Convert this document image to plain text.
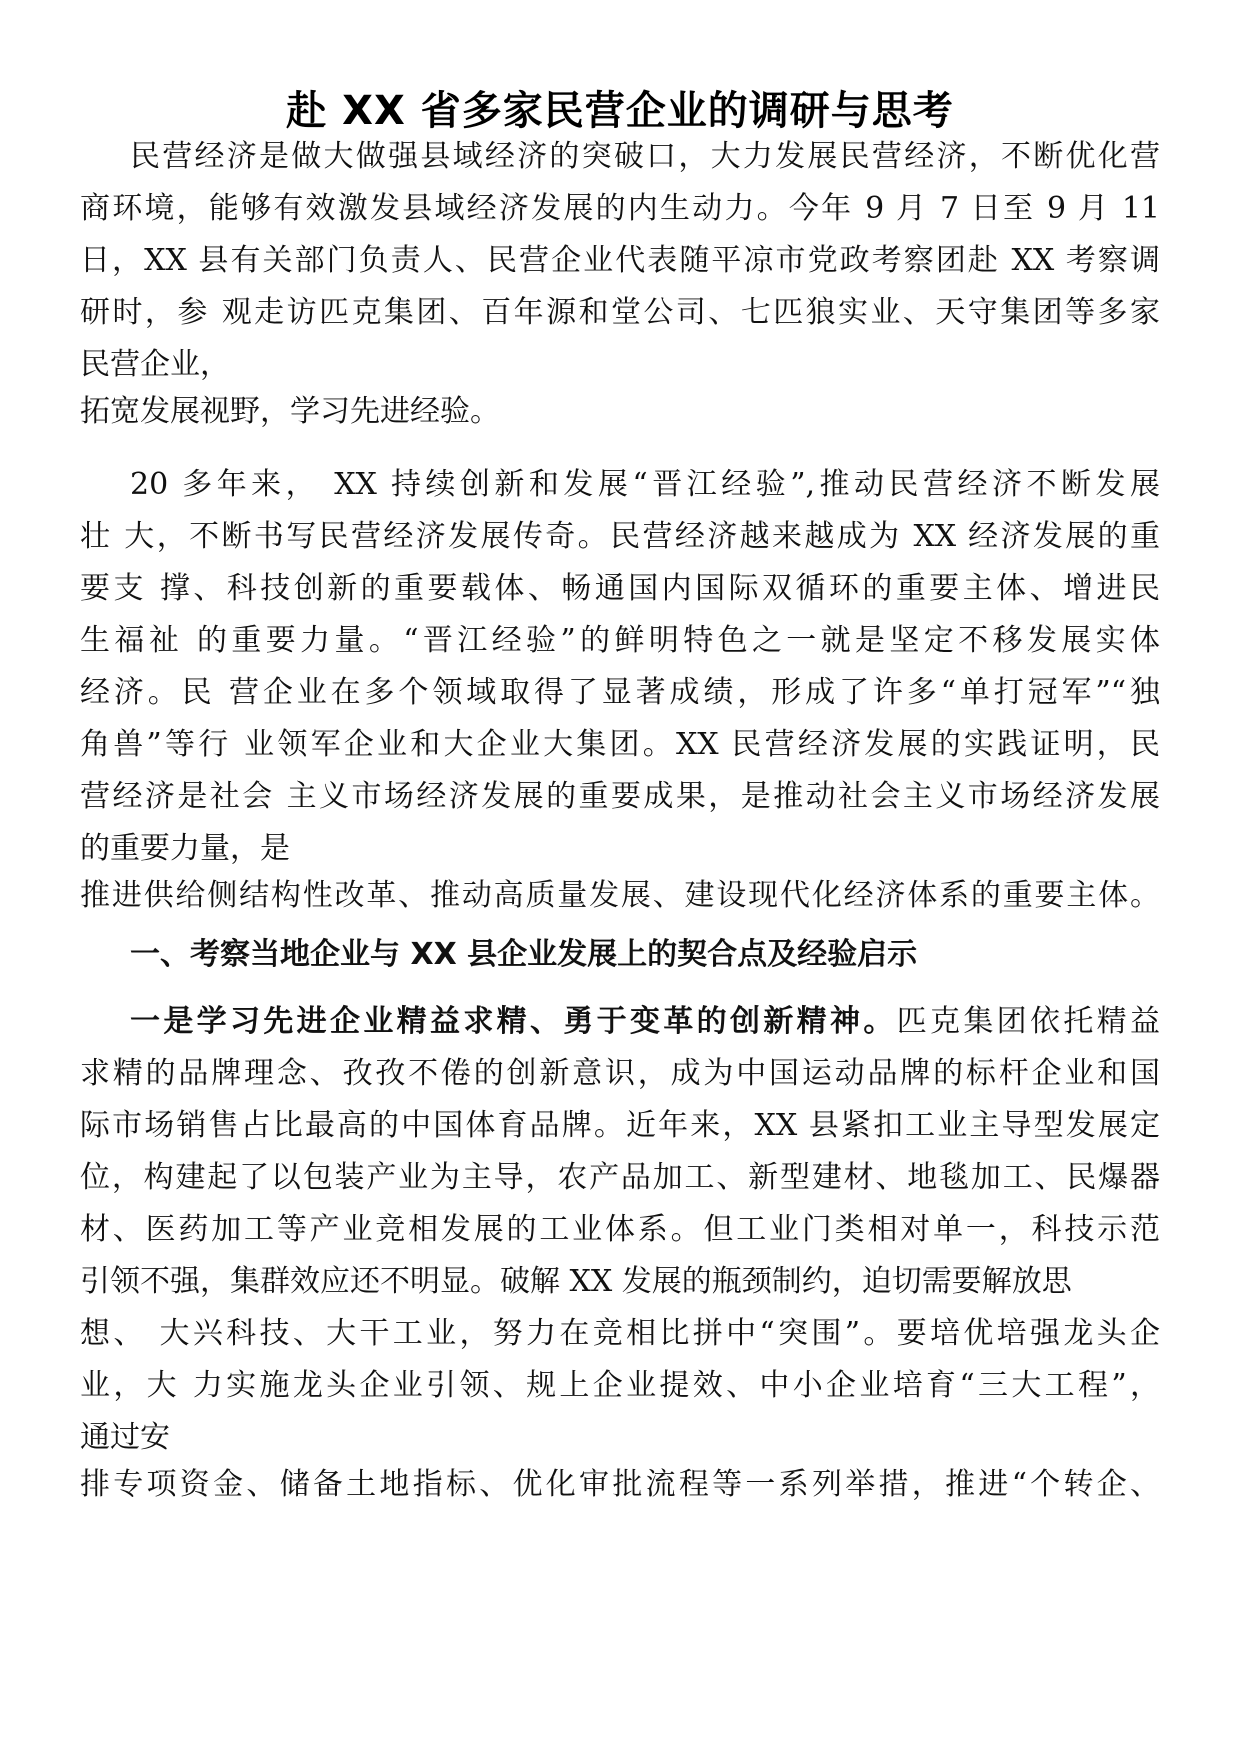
赴 XX 省多家民营企业的调研与思考
民营经济是做大做强县域经济的突破口，大力发展民营经济，不断优化营
商环境，能够有效激发县域经济发展的内生动力。今年 9 月 7 日至 9 月 11
日，XX 县有关部门负责人、民营企业代表随平凉市党政考察团赴 XX 考察调
研时，参 观走访匹克集团、百年源和堂公司、七匹狼实业、天守集团等多家
民营企业，
拓宽发展视野，学习先进经验。
20 多年来， XX 持续创新和发展“晋江经验”,推动民营经济不断发展
壮 大，不断书写民营经济发展传奇。民营经济越来越成为 XX 经济发展的重
要支 撑、科技创新的重要载体、畅通国内国际双循环的重要主体、增进民
生福祉 的重要力量。“晋江经验”的鲜明特色之一就是坚定不移发展实体
经济。民 营企业在多个领域取得了显著成绩，形成了许多“单打冠军”“独
角兽”等行 业领军企业和大企业大集团。XX 民营经济发展的实践证明，民
营经济是社会 主义市场经济发展的重要成果，是推动社会主义市场经济发展
的重要力量，是
推进供给侧结构性改革、推动高质量发展、建设现代化经济体系的重要主体。
一、考察当地企业与 XX 县企业发展上的契合点及经验启示
一是学习先进企业精益求精、勇于变革的创新精神。匹克集团依托精益
求精的品牌理念、孜孜不倦的创新意识，成为中国运动品牌的标杆企业和国
际市场销售占比最高的中国体育品牌。近年来，XX 县紧扣工业主导型发展定
位，构建起了以包装产业为主导，农产品加工、新型建材、地毯加工、民爆器
材、医药加工等产业竞相发展的工业体系。但工业门类相对单一，科技示范
引领不强，集群效应还不明显。破解 XX 发展的瓶颈制约，迫切需要解放思
想、 大兴科技、大干工业，努力在竞相比拼中“突围”。要培优培强龙头企
业，大 力实施龙头企业引领、规上企业提效、中小企业培育“三大工程”，
通过安
排专项资金、储备土地指标、优化审批流程等一系列举措，推进“个转企、
